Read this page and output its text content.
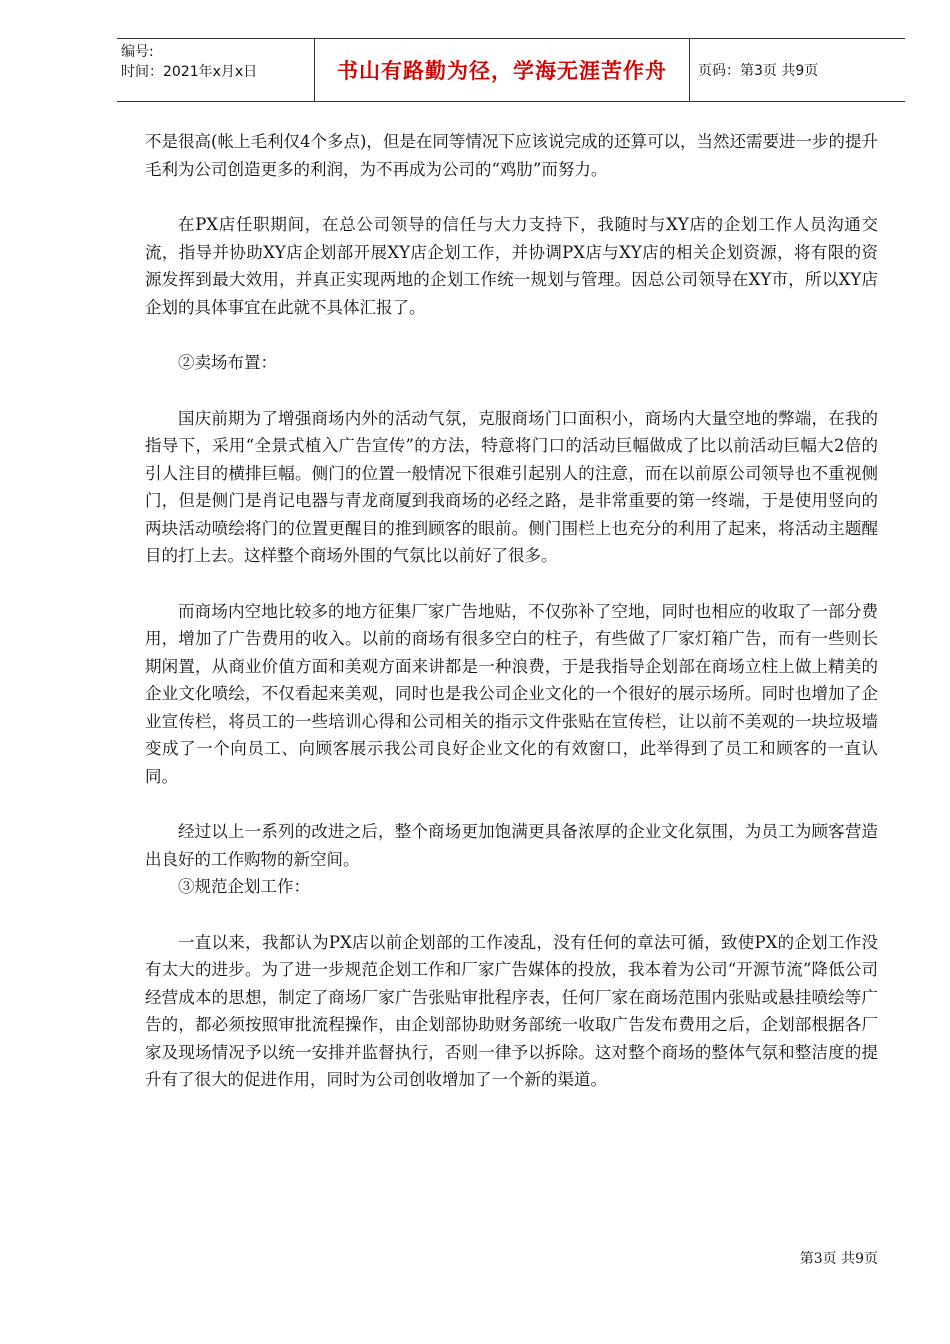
编号:
时间：2021年x月x日	书山有路勤为径，学海无涯苦作舟	页码：第3页 共9页

不是很高(帐上毛利仅4个多点)，但是在同等情况下应该说完成的还算可以，当然还需要进一步的提升毛利为公司创造更多的利润，为不再成为公司的“鸡肋”而努力。

在PX店任职期间，在总公司领导的信任与大力支持下，我随时与XY店的企划工作人员沟通交流，指导并协助XY店企划部开展XY店企划工作，并协调PX店与XY店的相关企划资源，将有限的资源发挥到最大效用，并真正实现两地的企划工作统一规划与管理。因总公司领导在XY市，所以XY店企划的具体事宜在此就不具体汇报了。

②卖场布置：

国庆前期为了增强商场内外的活动气氛，克服商场门口面积小，商场内大量空地的弊端，在我的指导下，采用“全景式植入广告宣传”的方法，特意将门口的活动巨幅做成了比以前活动巨幅大2倍的引人注目的横排巨幅。侧门的位置一般情况下很难引起别人的注意，而在以前原公司领导也不重视侧门，但是侧门是肖记电器与青龙商厦到我商场的必经之路，是非常重要的第一终端，于是使用竖向的两块活动喷绘将门的位置更醒目的推到顾客的眼前。侧门围栏上也充分的利用了起来，将活动主题醒目的打上去。这样整个商场外围的气氛比以前好了很多。

而商场内空地比较多的地方征集厂家广告地贴，不仅弥补了空地，同时也相应的收取了一部分费用，增加了广告费用的收入。以前的商场有很多空白的柱子，有些做了厂家灯箱广告，而有一些则长期闲置，从商业价值方面和美观方面来讲都是一种浪费，于是我指导企划部在商场立柱上做上精美的企业文化喷绘，不仅看起来美观，同时也是我公司企业文化的一个很好的展示场所。同时也增加了企业宣传栏，将员工的一些培训心得和公司相关的指示文件张贴在宣传栏，让以前不美观的一块垃圾墙变成了一个向员工、向顾客展示我公司良好企业文化的有效窗口，此举得到了员工和顾客的一直认同。

经过以上一系列的改进之后，整个商场更加饱满更具备浓厚的企业文化氛围，为员工为顾客营造出良好的工作购物的新空间。

③规范企划工作：

一直以来，我都认为PX店以前企划部的工作凌乱，没有任何的章法可循，致使PX的企划工作没有太大的进步。为了进一步规范企划工作和厂家广告媒体的投放，我本着为公司“开源节流”降低公司经营成本的思想，制定了商场厂家广告张贴审批程序表，任何厂家在商场范围内张贴或悬挂喷绘等广告的，都必须按照审批流程操作，由企划部协助财务部统一收取广告发布费用之后，企划部根据各厂家及现场情况予以统一安排并监督执行，否则一律予以拆除。这对整个商场的整体气氛和整洁度的提升有了很大的促进作用，同时为公司创收增加了一个新的渠道。

第3页 共9页
